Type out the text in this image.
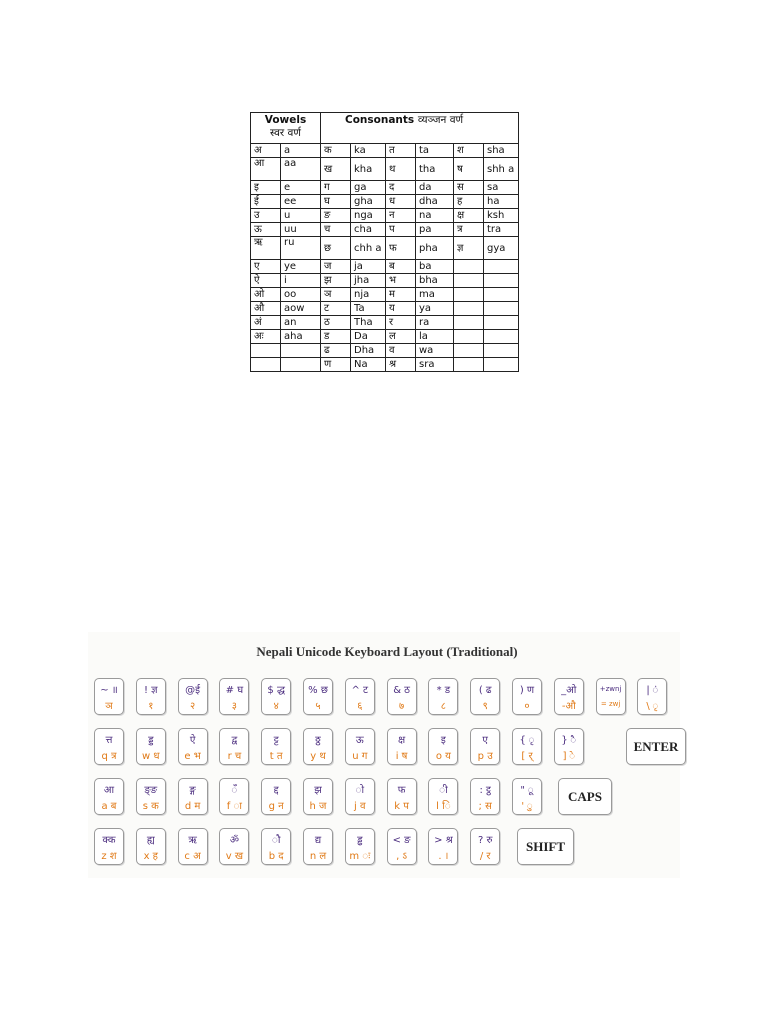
Vowels
स्वर वर्ण		Consonants व्यञ्जन वर्ण					
अ	a	क	ka	त	ta	श	sha
आ	aa	ख	kha	थ	tha	ष	shh a
इ	e	ग	ga	द	da	स	sa
ई	ee	घ	gha	ध	dha	ह	ha
उ	u	ङ	nga	न	na	क्ष	ksh
ऊ	uu	च	cha	प	pa	त्र	tra
ऋ	ru	छ	chh a	फ	pha	ज्ञ	gya
ए	ye	ज	ja	ब	ba		
ऐ	i	झ	jha	भ	bha		
ओ	oo	ञ	nja	म	ma		
औ	aow	ट	Ta	य	ya		
अं	an	ठ	Tha	र	ra		
अः	aha	ड	Da	ल	la		
		ढ	Dha	व	wa		
		ण	Na	श्र	sra		
Nepali Unicode Keyboard Layout (Traditional)
~ ॥
ञ
! ज्ञ
१
@ई
२
# घ
३
$ द्ध
४
% छ
५
^ ट
६
& ठ
७
* ड
८
( ढ
९
) ण
०
_ओ
-औ
+zwnj
= zwj
| ं
\ ृ
त्त
q त्र
ड्ड
w ध
ऐ
e भ
द्व
r च
ट्ट
t त
ठ्ठ
y थ
ऊ
u ग
क्ष
i ष
इ
o य
ए
p उ
{ ृ
[ र्
} ै
] े
आ
a ब
ङ्ङ
s क
ङ्ग
d म
ँ
f ा
द्द
g न
झ
h ज
ो
j व
फ
k प
ी
l ि
: ट्ठ
; स
" ू
' ु
क्क
z श
ह्य
x ह
ऋ
c अ
ॐ
v ख
ौ
b द
द्य
n ल
ड्ढ
m ः
< ङ
, ऽ
> श्र
. ।
? रु
/ र
ENTER
CAPS
SHIFT
